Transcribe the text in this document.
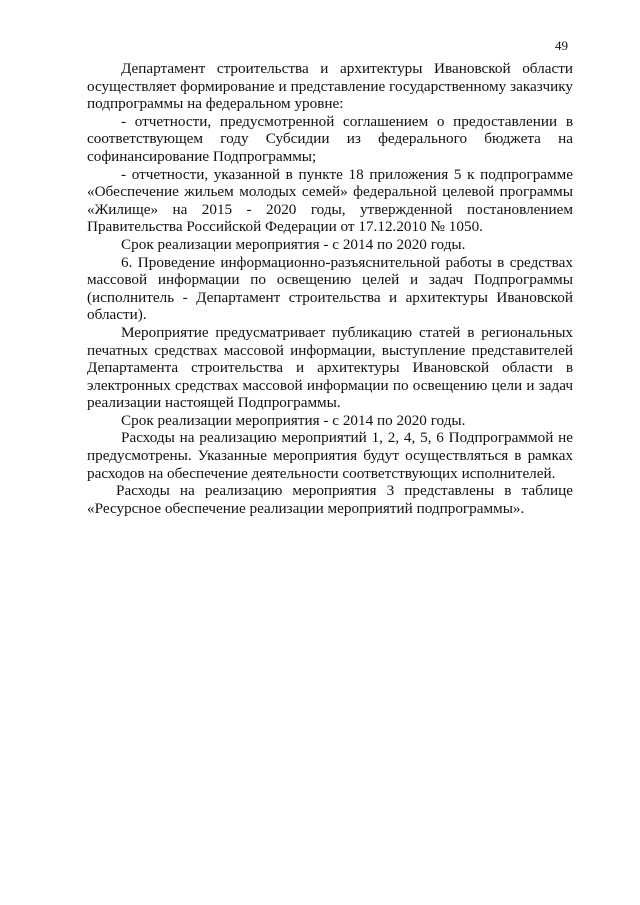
49

Департамент строительства и архитектуры Ивановской области осуществляет формирование и представление государственному заказчику подпрограммы на федеральном уровне:

- отчетности, предусмотренной соглашением о предоставлении в соответствующем году Субсидии из федерального бюджета на софинансирование Подпрограммы;

- отчетности, указанной в пункте 18 приложения 5 к подпрограмме «Обеспечение жильем молодых семей» федеральной целевой программы «Жилище» на 2015 - 2020 годы, утвержденной постановлением Правительства Российской Федерации от 17.12.2010 № 1050.

Срок реализации мероприятия - с 2014 по 2020 годы.

6. Проведение информационно-разъяснительной работы в средствах массовой информации по освещению целей и задач Подпрограммы (исполнитель - Департамент строительства и архитектуры Ивановской области).

Мероприятие предусматривает публикацию статей в региональных печатных средствах массовой информации, выступление представителей Департамента строительства и архитектуры Ивановской области в электронных средствах массовой информации по освещению цели и задач реализации настоящей Подпрограммы.

Срок реализации мероприятия - с 2014 по 2020 годы.

Расходы на реализацию мероприятий 1, 2, 4, 5, 6 Подпрограммой не предусмотрены. Указанные мероприятия будут осуществляться в рамках расходов на обеспечение деятельности соответствующих исполнителей.

Расходы на реализацию мероприятия 3 представлены в таблице «Ресурсное обеспечение реализации мероприятий подпрограммы».
